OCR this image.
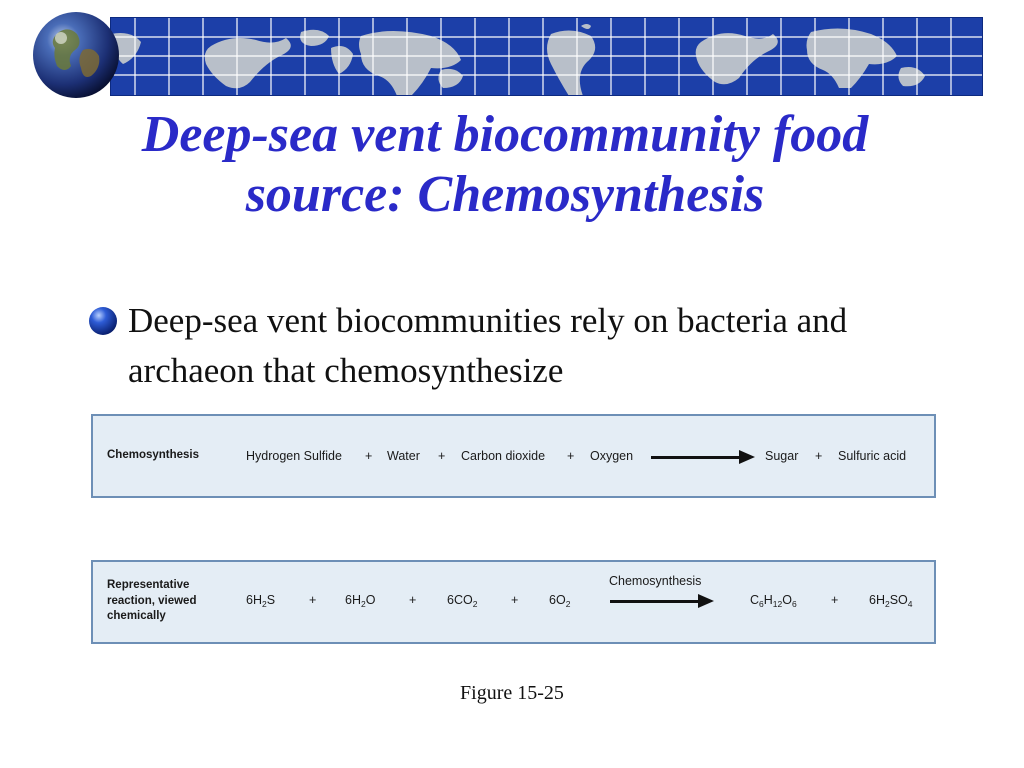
Deep-sea vent biocommunity food source: Chemosynthesis
Deep-sea vent biocommunities rely on bacteria and archaeon that chemosynthesize
Chemosynthesis	Hydrogen Sulfide + Water + Carbon dioxide + Oxygen	Sugar + Sulfuric acid
Representative reaction, viewed chemically
$6H_2S$	+ $6H_2O$	+ $6CO_2$	+ $6O_2$
Chemosynthesis
$C_6H_{12}O_6$	+ $6H_2SO_4$
Figure 15-25
